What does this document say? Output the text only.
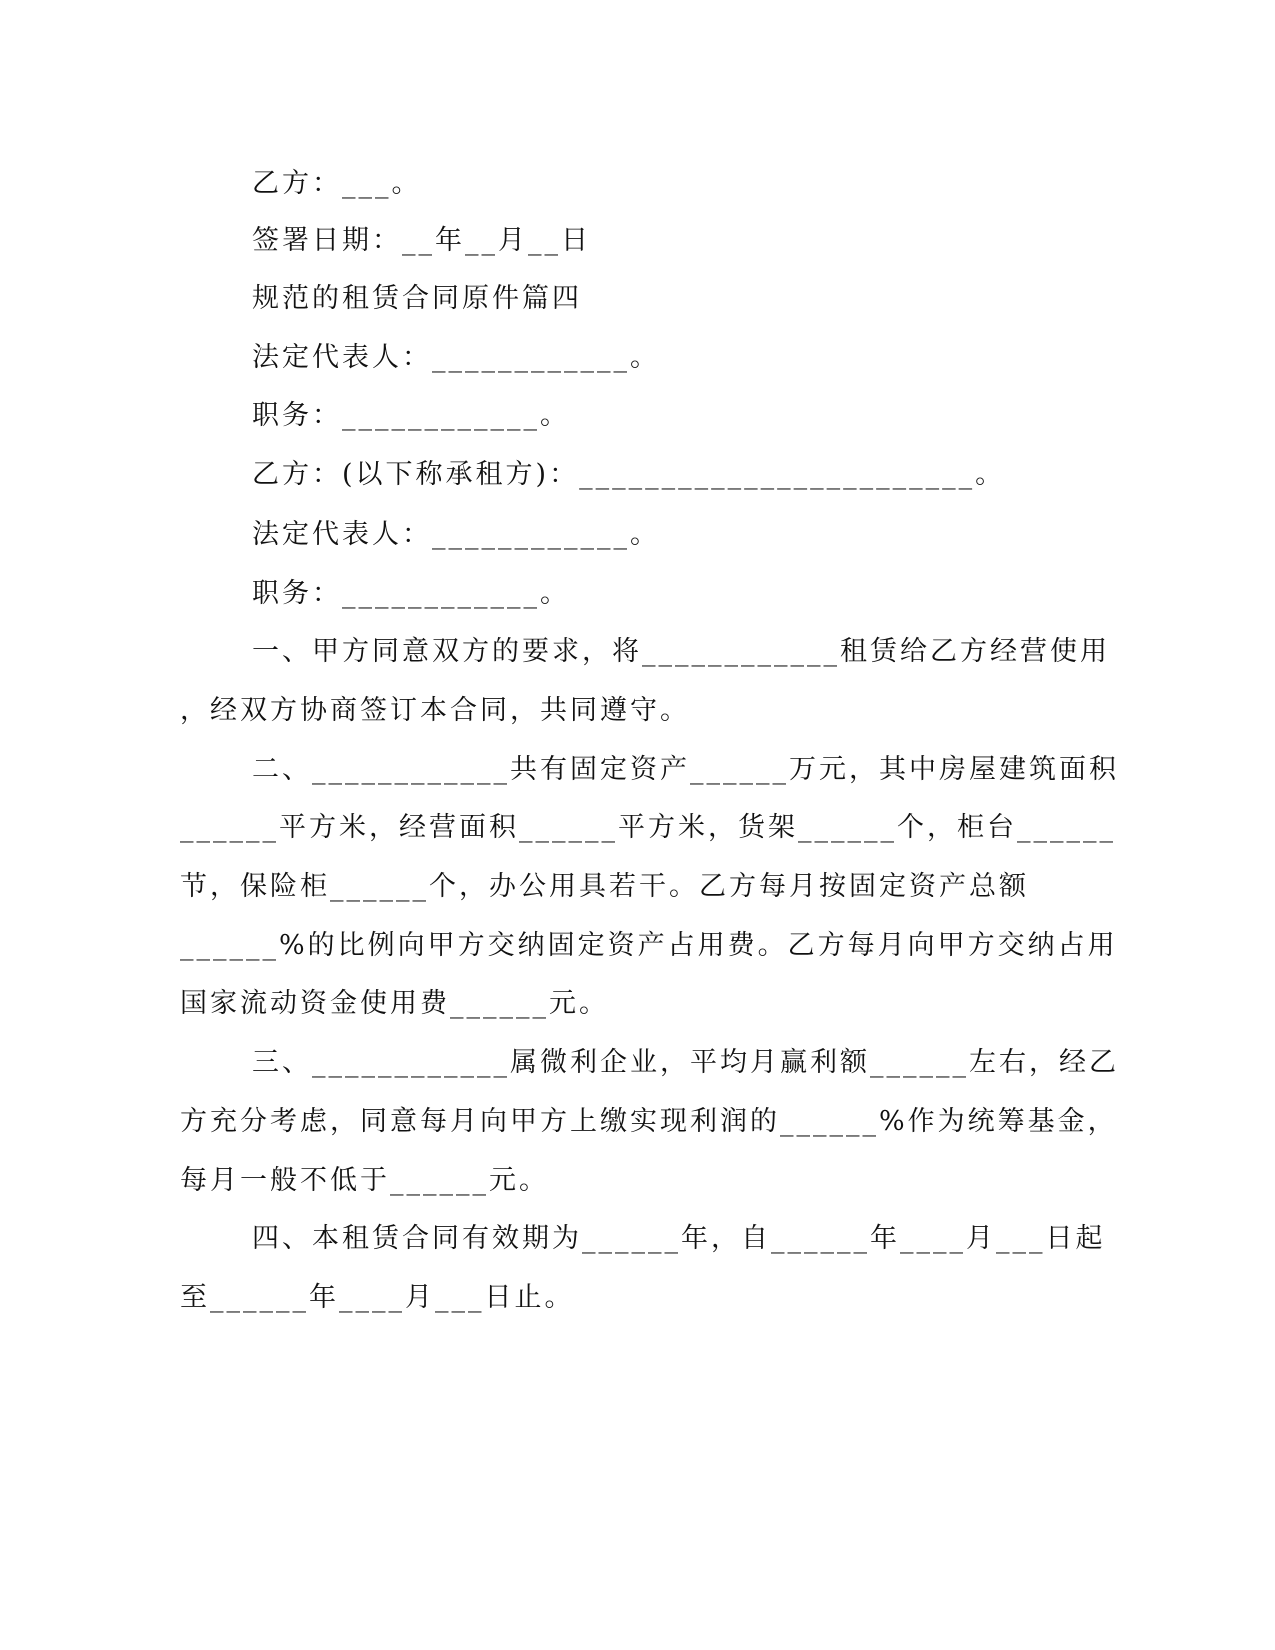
乙方：___。

签署日期：__年__月__日

规范的租赁合同原件篇四

法定代表人：____________。

职务：____________。

乙方：(以下称承租方)：________________________。

法定代表人：____________。

职务：____________。

一、甲方同意双方的要求，将____________租赁给乙方经营使用

，经双方协商签订本合同，共同遵守。

二、____________共有固定资产______万元，其中房屋建筑面积

______平方米，经营面积______平方米，货架______个，柜台______

节，保险柜______个，办公用具若干。乙方每月按固定资产总额

______%的比例向甲方交纳固定资产占用费。乙方每月向甲方交纳占用

国家流动资金使用费______元。

三、____________属微利企业，平均月赢利额______左右，经乙

方充分考虑，同意每月向甲方上缴实现利润的______%作为统筹基金，

每月一般不低于______元。

四、本租赁合同有效期为______年，自______年____月___日起

至______年____月___日止。
